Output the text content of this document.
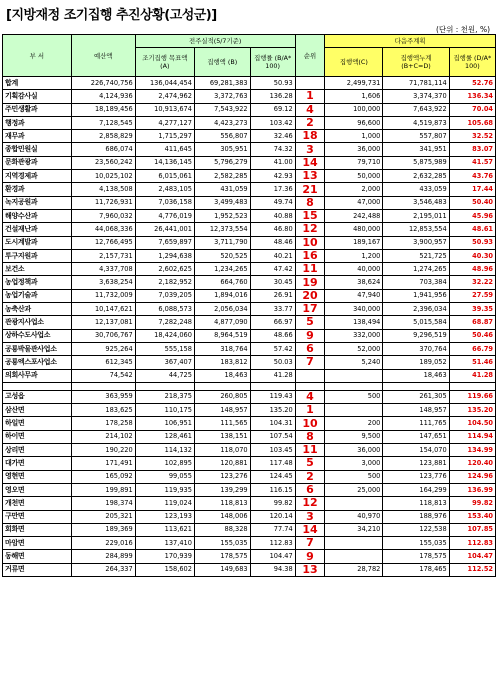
[지방재정 조기집행 추진상황(고성군)]
(단위 : 천원, %)
부 서	예산액	전주실적(5/7기준)			순위	다음주계획		
		조기집행 목표액(A)	집행액 (B)	집행률 (B/A* 100)		집행액(C)	집행액누계 (B+C=D)	집행률 (D/A* 100)
합계	226,740,756	136,044,454	69,281,383	50.93		2,499,731	71,781,114	52.76
기획감사실	4,124,936	2,474,962	3,372,763	136.28	1	1,606	3,374,370	136.34
주민생활과	18,189,456	10,913,674	7,543,922	69.12	4	100,000	7,643,922	70.04
행정과	7,128,545	4,277,127	4,423,273	103.42	2	96,600	4,519,873	105.68
재무과	2,858,829	1,715,297	556,807	32.46	18	1,000	557,807	32.52
종합민원실	686,074	411,645	305,951	74.32	3	36,000	341,951	83.07
문화관광과	23,560,242	14,136,145	5,796,279	41.00	14	79,710	5,875,989	41.57
지역경제과	10,025,102	6,015,061	2,582,285	42.93	13	50,000	2,632,285	43.76
환경과	4,138,508	2,483,105	431,059	17.36	21	2,000	433,059	17.44
녹지공원과	11,726,931	7,036,158	3,499,483	49.74	8	47,000	3,546,483	50.40
해양수산과	7,960,032	4,776,019	1,952,523	40.88	15	242,488	2,195,011	45.96
건설재난과	44,068,336	26,441,001	12,373,554	46.80	12	480,000	12,853,554	48.61
도시계발과	12,766,495	7,659,897	3,711,790	48.46	10	189,167	3,900,957	50.93
투구지원과	2,157,731	1,294,638	520,525	40.21	16	1,200	521,725	40.30
보건소	4,337,708	2,602,625	1,234,265	47.42	11	40,000	1,274,265	48.96
농업정책과	3,638,254	2,182,952	664,760	30.45	19	38,624	703,384	32.22
농업기술과	11,732,009	7,039,205	1,894,016	26.91	20	47,940	1,941,956	27.59
농축산과	10,147,621	6,088,573	2,056,034	33.77	17	340,000	2,396,034	39.35
관광지사업소	12,137,081	7,282,248	4,877,090	66.97	5	138,494	5,015,584	68.87
상하수도사업소	30,706,767	18,424,060	8,964,519	48.66	9	332,000	9,296,519	50.46
공룡박물관사업소	925,264	555,158	318,764	57.42	6	52,000	370,764	66.79
공룡엑스포사업소	612,345	367,407	183,812	50.03	7	5,240	189,052	51.46
의회사무과	74,542	44,725	18,463	41.28			18,463	41.28

고성읍	363,959	218,375	260,805	119.43	4	500	261,305	119.66
삼산면	183,625	110,175	148,957	135.20	1		148,957	135.20
하일면	178,258	106,951	111,565	104.31	10	200	111,765	104.50
하이면	214,102	128,461	138,151	107.54	8	9,500	147,651	114.94
상리면	190,220	114,132	118,070	103.45	11	36,000	154,070	134.99
대가면	171,491	102,895	120,881	117.48	5	3,000	123,881	120.40
영현면	165,092	99,055	123,276	124.45	2	500	123,776	124.96
영오면	199,891	119,935	139,299	116.15	6	25,000	164,299	136.99
개천면	198,374	119,024	118,813	99.82	12		118,813	99.82
구만면	205,321	123,193	148,006	120.14	3	40,970	188,976	153.40
회화면	189,369	113,621	88,328	77.74	14	34,210	122,538	107.85
마암면	229,016	137,410	155,035	112.83	7		155,035	112.83
동해면	284,899	170,939	178,575	104.47	9		178,575	104.47
거류면	264,337	158,602	149,683	94.38	13	28,782	178,465	112.52
